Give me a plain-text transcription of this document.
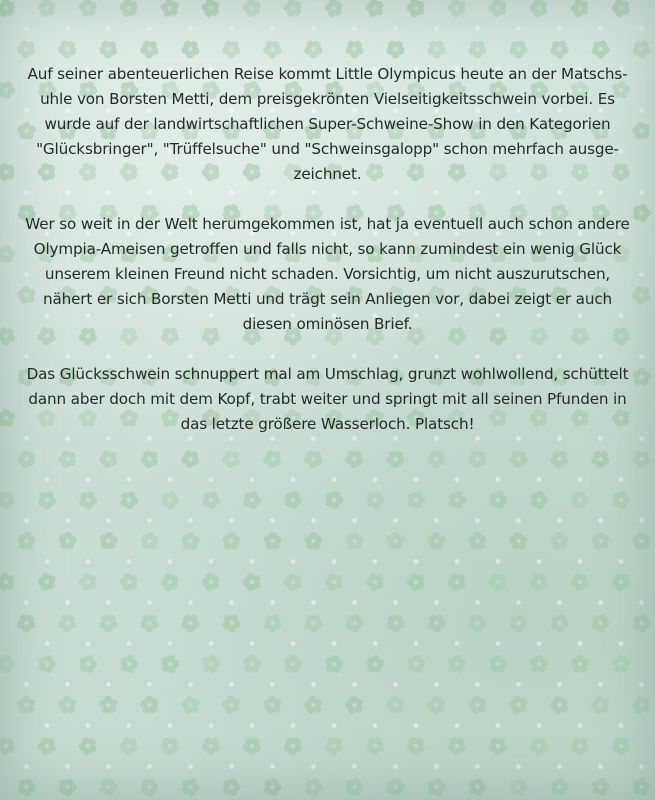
Auf seiner abenteuerlichen Reise kommt Little Olympicus heute an der Matschs-
uhle von Borsten Metti, dem preisgekrönten Vielseitigkeitsschwein vorbei. Es
wurde auf der landwirtschaftlichen Super-Schweine-Show in den Kategorien
"Glücksbringer", "Trüffelsuche" und "Schweinsgalopp" schon mehrfach ausge-
zeichnet.

Wer so weit in der Welt herumgekommen ist, hat ja eventuell auch schon andere
Olympia-Ameisen getroffen und falls nicht, so kann zumindest ein wenig Glück
unserem kleinen Freund nicht schaden. Vorsichtig, um nicht auszurutschen,
nähert er sich Borsten Metti und trägt sein Anliegen vor, dabei zeigt er auch
diesen ominösen Brief.

Das Glücksschwein schnuppert mal am Umschlag, grunzt wohlwollend, schüttelt
dann aber doch mit dem Kopf, trabt weiter und springt mit all seinen Pfunden in
das letzte größere Wasserloch. Platsch!
